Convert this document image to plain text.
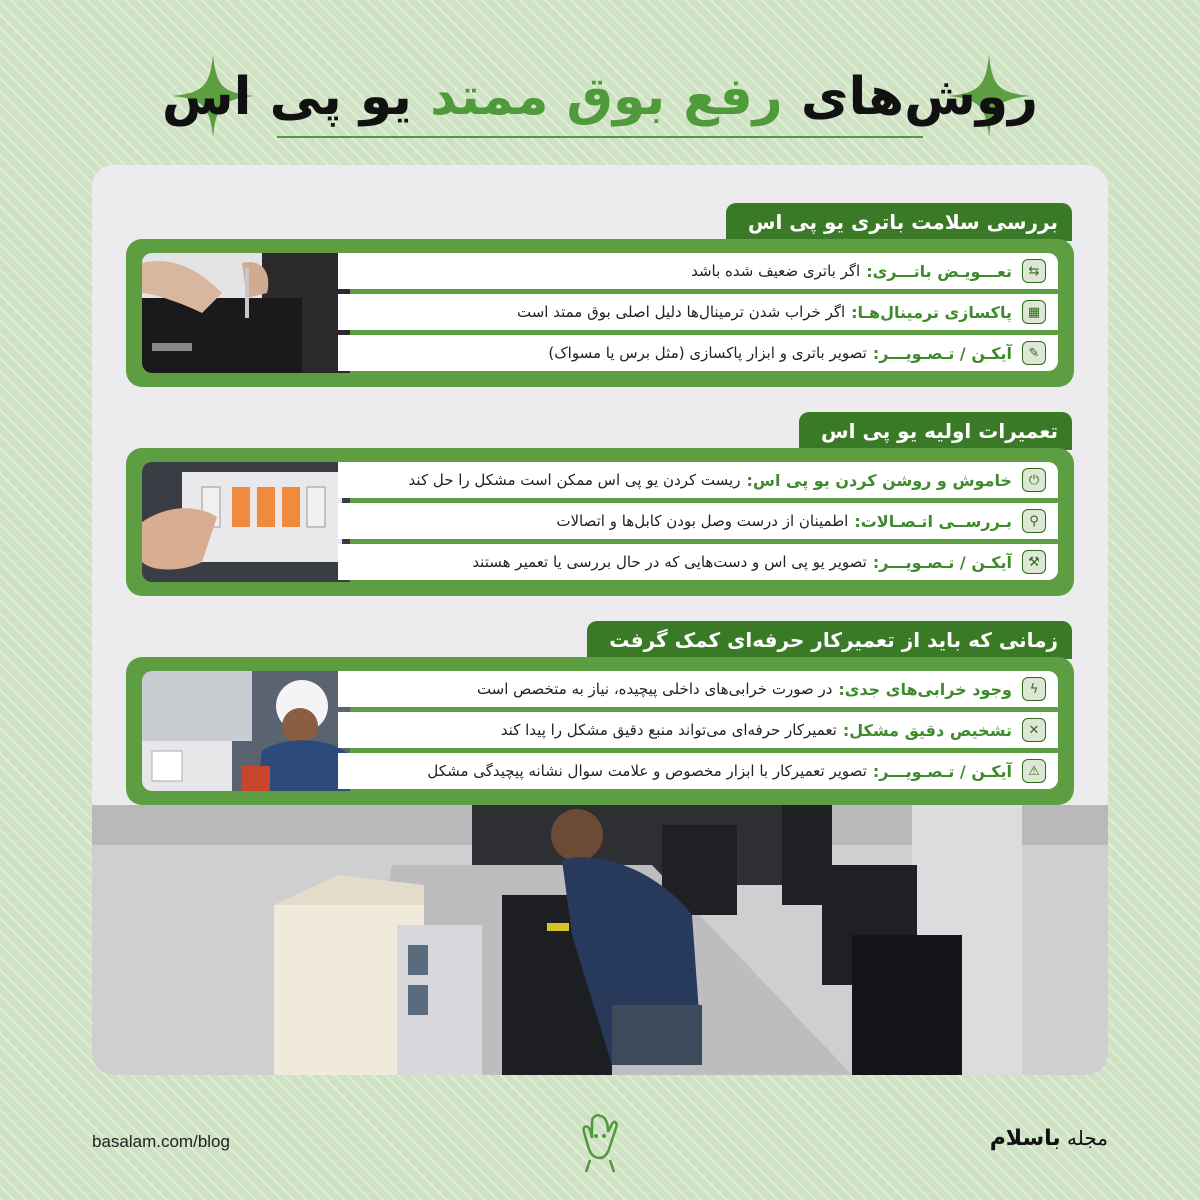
روش‌های رفع بوق ممتد یو پی اس
بررسی سلامت باتری یو پی اس
⇆
تعـــویـض باتـــری:
اگر باتری ضعیف شده باشد
▦
پاکسازی ترمینال‌هـا:
اگر خراب شدن ترمینال‌ها دلیل اصلی بوق ممتد است
✎
آیکـن / تـصـویـــر:
تصویر باتری و ابزار پاکسازی (مثل برس یا مسواک)
تعمیرات اولیه یو پی اس
⏻
خاموش و روشن کردن یو پی اس:
ریست کردن یو پی اس ممکن است مشکل را حل کند
⚲
بـررســی اتـصـالات:
اطمینان از درست وصل بودن کابل‌ها و اتصالات
⚒
آیکـن / تـصـویـــر:
تصویر یو پی اس و دست‌هایی که در حال بررسی یا تعمیر هستند
زمانی که باید از تعمیرکار حرفه‌ای کمک گرفت
ϟ
وجود خرابی‌های جدی:
در صورت خرابی‌های داخلی پیچیده، نیاز به متخصص است
✕
تشخیص دقیق مشکل:
تعمیرکار حرفه‌ای می‌تواند منبع دقیق مشکل را پیدا کند
⚠
آیکـن / تـصـویـــر:
تصویر تعمیرکار با ابزار مخصوص و علامت سوال نشانه پیچیدگی مشکل
basalam.com/blog	مجله باسلام
